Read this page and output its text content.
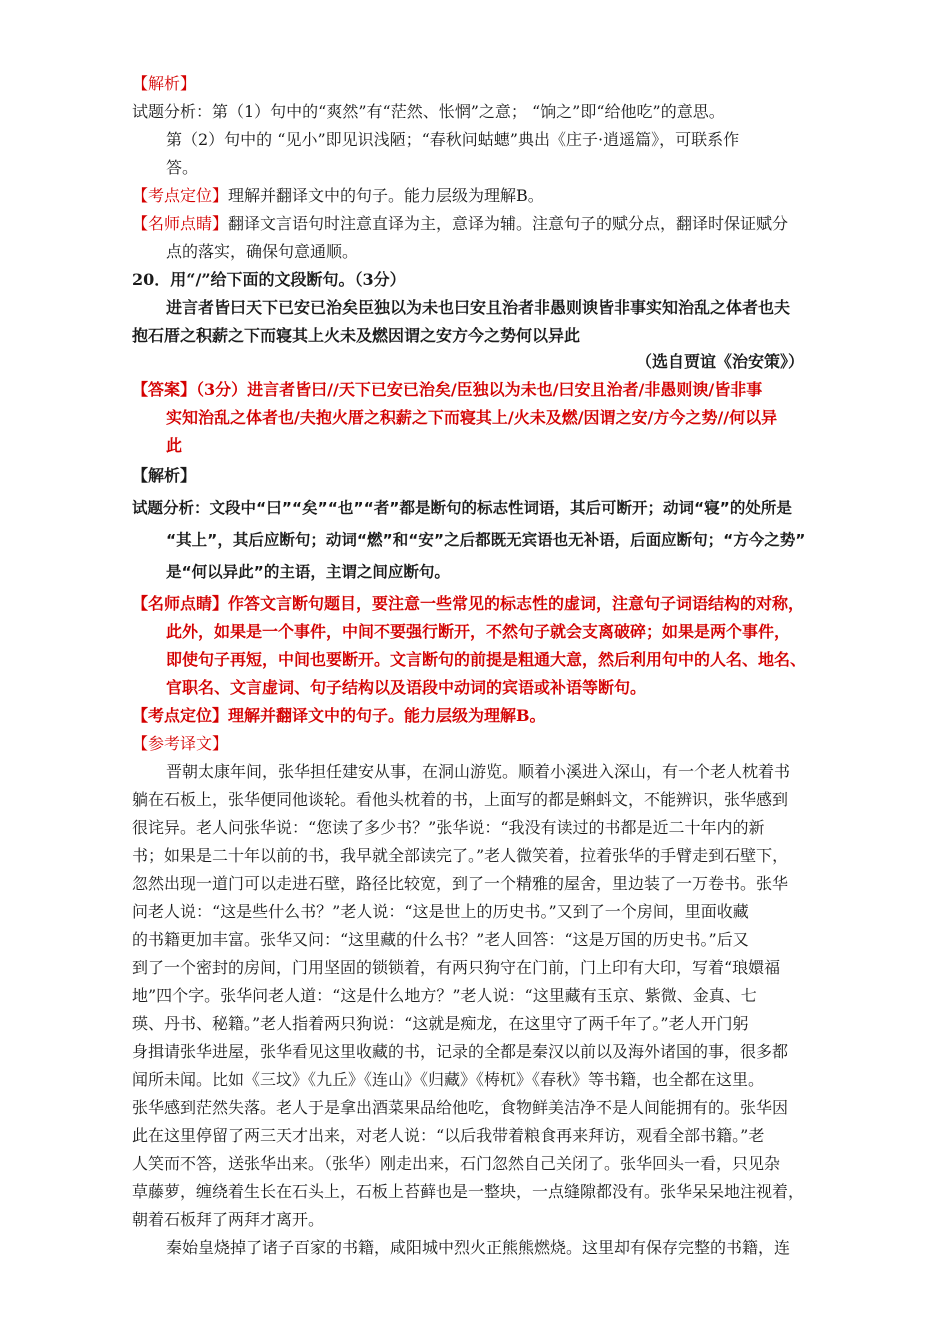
【解析】
试题分析：第（1）句中的“爽然”有“茫然、怅惘”之意； “饷之”即“给他吃”的意思。
第（2）句中的 “见小”即见识浅陋；“春秋问蛄蟪”典出《庄子·逍遥篇》，可联系作
答。
【考点定位】理解并翻译文中的句子。能力层级为理解B。
【名师点睛】翻译文言语句时注意直译为主，意译为辅。注意句子的赋分点，翻译时保证赋分
点的落实，确保句意通顺。
20．用“/”给下面的文段断句。（3分）
进言者皆曰天下已安已治矣臣独以为未也曰安且治者非愚则谀皆非事实知治乱之体者也夫
抱石厝之积薪之下而寝其上火未及燃因谓之安方今之势何以异此
（选自贾谊《治安策》）
【答案】（3分）进言者皆曰//天下已安已治矣/臣独以为未也/曰安且治者/非愚则谀/皆非事
实知治乱之体者也/夫抱火厝之积薪之下而寝其上/火未及燃/因谓之安/方今之势//何以异
此
【解析】
试题分析：文段中“曰”“矣”“也”“者”都是断句的标志性词语，其后可断开；动词“寝”的处所是
“其上”，其后应断句；动词“燃”和“安”之后都既无宾语也无补语，后面应断句；“方今之势”
是“何以异此”的主语，主谓之间应断句。
【名师点睛】作答文言断句题目，要注意一些常见的标志性的虚词，注意句子词语结构的对称，
此外，如果是一个事件，中间不要强行断开，不然句子就会支离破碎；如果是两个事件，
即使句子再短，中间也要断开。文言断句的前提是粗通大意，然后利用句中的人名、地名、
官职名、文言虚词、句子结构以及语段中动词的宾语或补语等断句。
【考点定位】理解并翻译文中的句子。能力层级为理解B。
【参考译文】
晋朝太康年间，张华担任建安从事，在洞山游览。顺着小溪进入深山，有一个老人枕着书
躺在石板上，张华便同他谈轮。看他头枕着的书，上面写的都是蝌蚪文，不能辨识，张华感到
很诧异。老人问张华说：“您读了多少书？”张华说：“我没有读过的书都是近二十年内的新
书；如果是二十年以前的书，我早就全部读完了。”老人微笑着，拉着张华的手臂走到石壁下，
忽然出现一道门可以走进石壁，路径比较宽，到了一个精雅的屋舍，里边装了一万卷书。张华
问老人说：“这是些什么书？”老人说：“这是世上的历史书。”又到了一个房间，里面收藏
的书籍更加丰富。张华又问：“这里藏的什么书？”老人回答：“这是万国的历史书。”后又
到了一个密封的房间，门用坚固的锁锁着，有两只狗守在门前，门上印有大印，写着“琅嬛福
地”四个字。张华问老人道：“这是什么地方？”老人说：“这里藏有玉京、紫微、金真、七
瑛、丹书、秘籍。”老人指着两只狗说：“这就是痴龙，在这里守了两千年了。”老人开门躬
身揖请张华进屋，张华看见这里收藏的书，记录的全都是秦汉以前以及海外诸国的事，很多都
闻所未闻。比如《三坟》《九丘》《连山》《归藏》《梼杌》《春秋》等书籍，也全都在这里。
张华感到茫然失落。老人于是拿出酒菜果品给他吃，食物鲜美洁净不是人间能拥有的。张华因
此在这里停留了两三天才出来，对老人说：“以后我带着粮食再来拜访，观看全部书籍。”老
人笑而不答，送张华出来。（张华）刚走出来，石门忽然自己关闭了。张华回头一看，只见杂
草藤萝，缠绕着生长在石头上，石板上苔藓也是一整块，一点缝隙都没有。张华呆呆地注视着，
朝着石板拜了两拜才离开。
秦始皇烧掉了诸子百家的书籍，咸阳城中烈火正熊熊燃烧。这里却有保存完整的书籍，连
